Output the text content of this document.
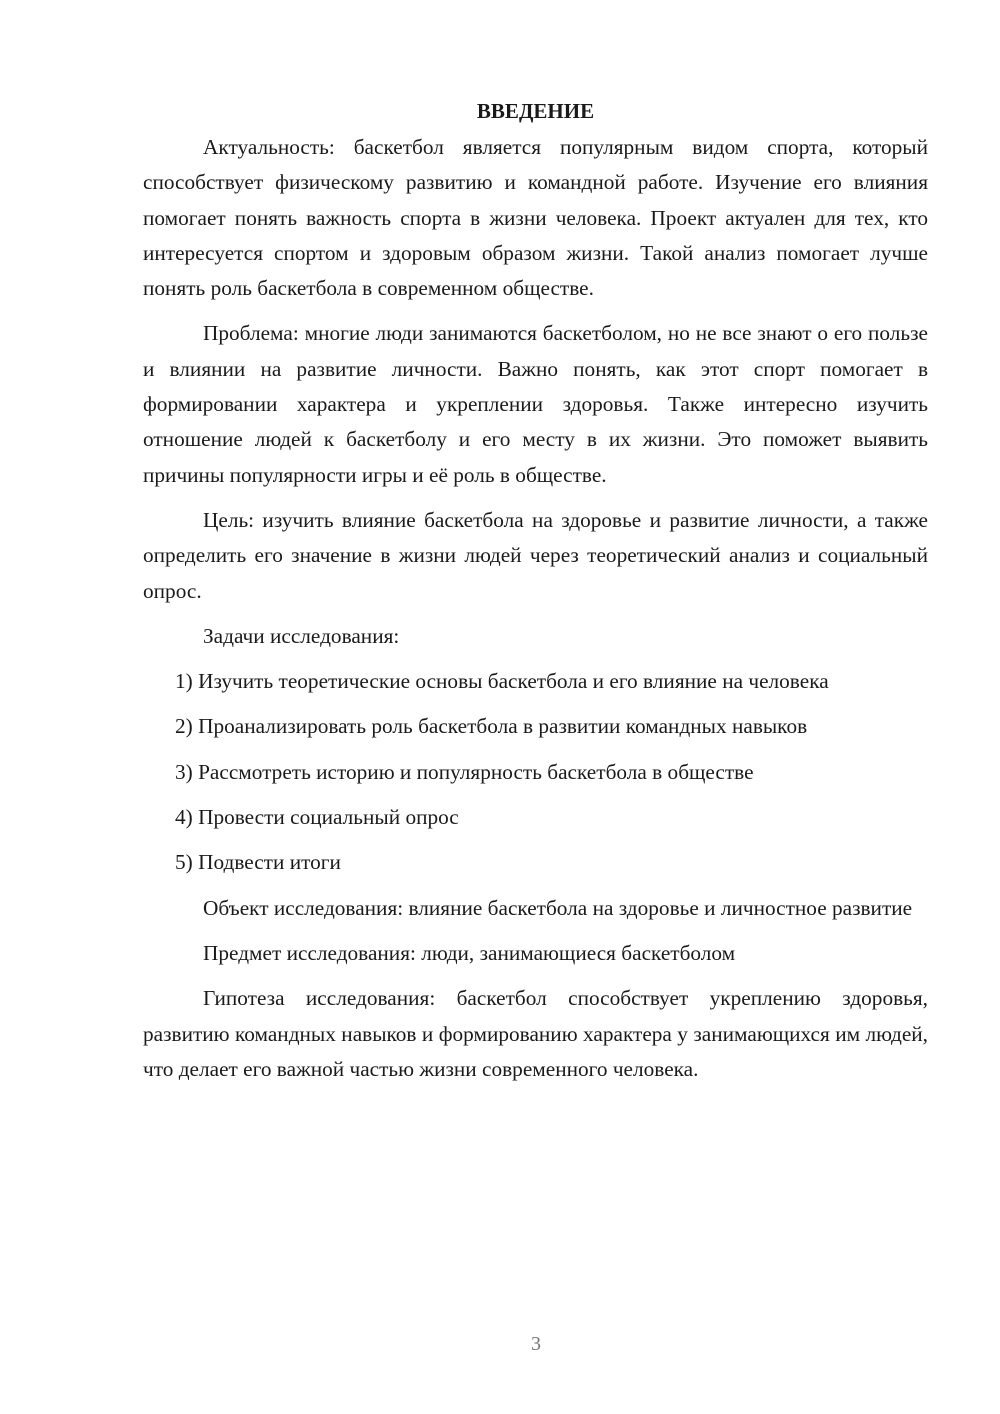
ВВЕДЕНИЕ

Актуальность: баскетбол является популярным видом спорта, который способствует физическому развитию и командной работе. Изучение его влияния помогает понять важность спорта в жизни человека. Проект актуален для тех, кто интересуется спортом и здоровым образом жизни. Такой анализ помогает лучше понять роль баскетбола в современном обществе.

Проблема: многие люди занимаются баскетболом, но не все знают о его пользе и влиянии на развитие личности. Важно понять, как этот спорт помогает в формировании характера и укреплении здоровья. Также интересно изучить отношение людей к баскетболу и его месту в их жизни. Это поможет выявить причины популярности игры и её роль в обществе.

Цель: изучить влияние баскетбола на здоровье и развитие личности, а также определить его значение в жизни людей через теоретический анализ и социальный опрос.

Задачи исследования:

1) Изучить теоретические основы баскетбола и его влияние на человека

2) Проанализировать роль баскетбола в развитии командных навыков

3) Рассмотреть историю и популярность баскетбола в обществе

4) Провести социальный опрос

5) Подвести итоги

Объект исследования: влияние баскетбола на здоровье и личностное развитие

Предмет исследования: люди, занимающиеся баскетболом

Гипотеза исследования: баскетбол способствует укреплению здоровья, развитию командных навыков и формированию характера у занимающихся им людей, что делает его важной частью жизни современного человека.

3
